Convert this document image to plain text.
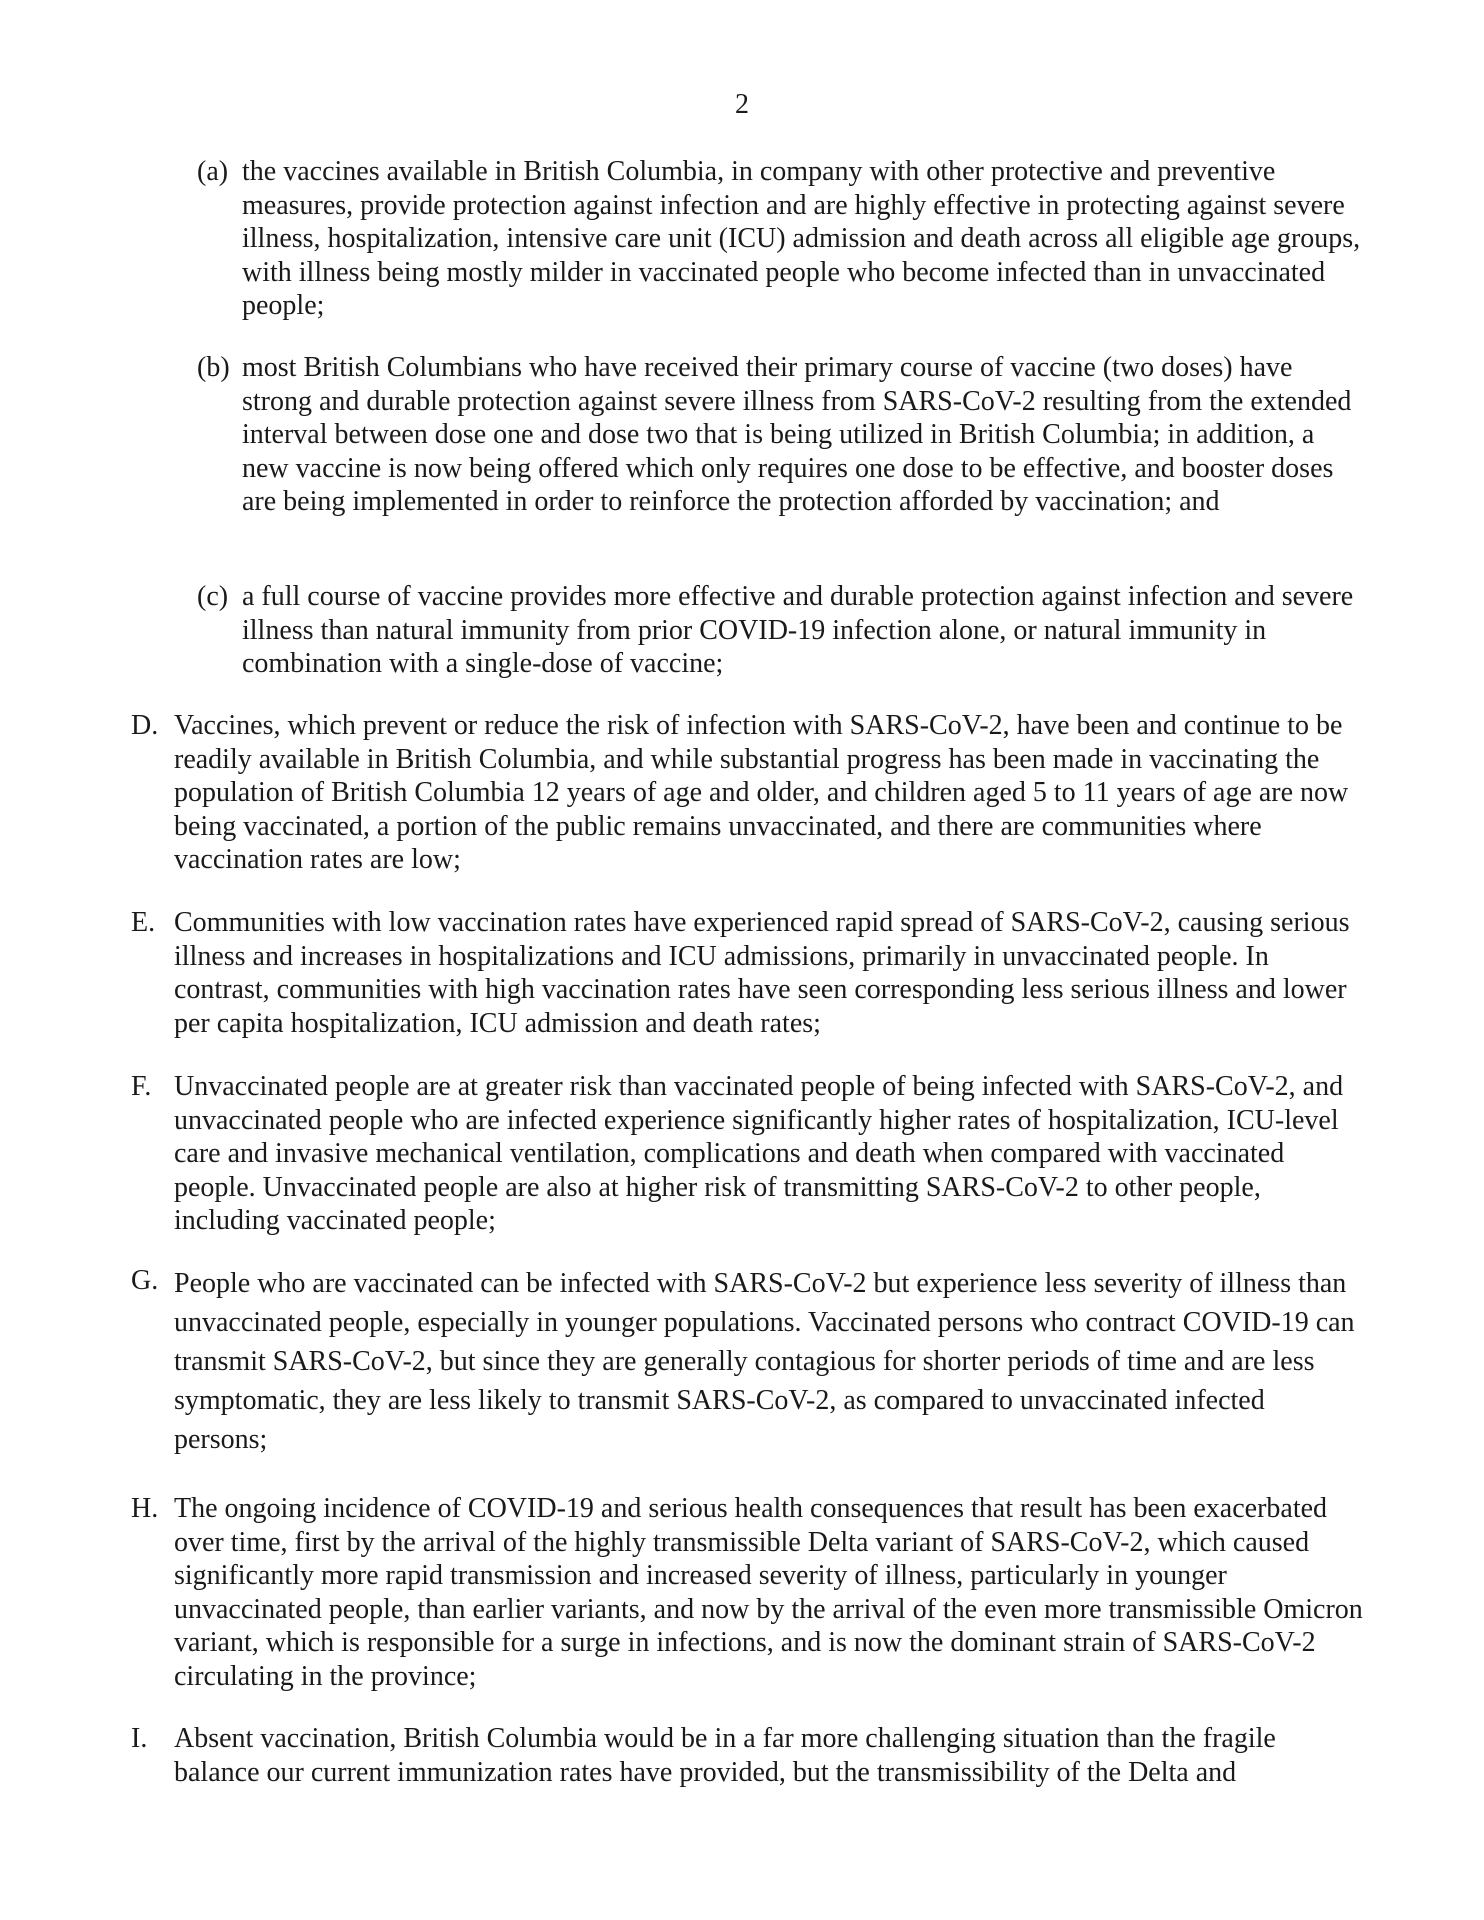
2
(a) the vaccines available in British Columbia, in company with other protective and preventive measures, provide protection against infection and are highly effective in protecting against severe illness, hospitalization, intensive care unit (ICU) admission and death across all eligible age groups, with illness being mostly milder in vaccinated people who become infected than in unvaccinated people;
(b) most British Columbians who have received their primary course of vaccine (two doses) have strong and durable protection against severe illness from SARS-CoV-2 resulting from the extended interval between dose one and dose two that is being utilized in British Columbia; in addition, a new vaccine is now being offered which only requires one dose to be effective, and booster doses are being implemented in order to reinforce the protection afforded by vaccination; and
(c) a full course of vaccine provides more effective and durable protection against infection and severe illness than natural immunity from prior COVID-19 infection alone, or natural immunity in combination with a single-dose of vaccine;
D. Vaccines, which prevent or reduce the risk of infection with SARS-CoV-2, have been and continue to be readily available in British Columbia, and while substantial progress has been made in vaccinating the population of British Columbia 12 years of age and older, and children aged 5 to 11 years of age are now being vaccinated, a portion of the public remains unvaccinated, and there are communities where vaccination rates are low;
E. Communities with low vaccination rates have experienced rapid spread of SARS-CoV-2, causing serious illness and increases in hospitalizations and ICU admissions, primarily in unvaccinated people. In contrast, communities with high vaccination rates have seen corresponding less serious illness and lower per capita hospitalization, ICU admission and death rates;
F. Unvaccinated people are at greater risk than vaccinated people of being infected with SARS-CoV-2, and unvaccinated people who are infected experience significantly higher rates of hospitalization, ICU-level care and invasive mechanical ventilation, complications and death when compared with vaccinated people. Unvaccinated people are also at higher risk of transmitting SARS-CoV-2 to other people, including vaccinated people;
G. People who are vaccinated can be infected with SARS-CoV-2 but experience less severity of illness than unvaccinated people, especially in younger populations. Vaccinated persons who contract COVID-19 can transmit SARS-CoV-2, but since they are generally contagious for shorter periods of time and are less symptomatic, they are less likely to transmit SARS-CoV-2, as compared to unvaccinated infected persons;
H. The ongoing incidence of COVID-19 and serious health consequences that result has been exacerbated over time, first by the arrival of the highly transmissible Delta variant of SARS-CoV-2, which caused significantly more rapid transmission and increased severity of illness, particularly in younger unvaccinated people, than earlier variants, and now by the arrival of the even more transmissible Omicron variant, which is responsible for a surge in infections, and is now the dominant strain of SARS-CoV-2 circulating in the province;
I. Absent vaccination, British Columbia would be in a far more challenging situation than the fragile balance our current immunization rates have provided, but the transmissibility of the Delta and
